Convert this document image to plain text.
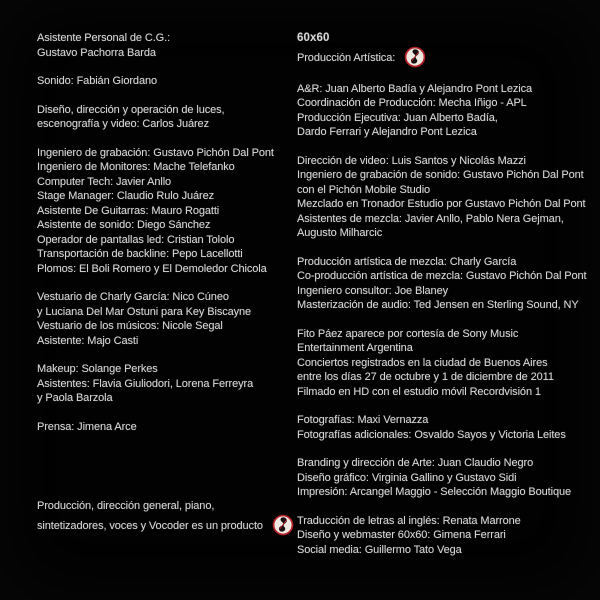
Asistente Personal de C.G.:
Gustavo Pachorra Barda
Sonido: Fabián Giordano
Diseño, dirección y operación de luces,
escenografía y video: Carlos Juárez
Ingeniero de grabación: Gustavo Pichón Dal Pont
Ingeniero de Monitores: Mache Telefanko
Computer Tech: Javier Anllo
Stage Manager: Claudio Rulo Juárez
Asistente De Guitarras: Mauro Rogatti
Asistente de sonido: Diego Sánchez
Operador de pantallas led: Cristian Tololo
Transportación de backline: Pepo Lacellotti
Plomos: El Boli Romero y El Demoledor Chicola
Vestuario de Charly García: Nico Cúneo
y Luciana Del Mar Ostuni para Key Biscayne
Vestuario de los músicos: Nicole Segal
Asistente: Majo Casti
Makeup: Solange Perkes
Asistentes: Flavia Giuliodori, Lorena Ferreyra
y Paola Barzola
Prensa: Jimena Arce
Producción, dirección general, piano,
sintetizadores, voces y Vocoder es un producto
60x60
Producción Artística:
A&R: Juan Alberto Badía y Alejandro Pont Lezica
Coordinación de Producción: Mecha Iñigo - APL
Producción Ejecutiva: Juan Alberto Badía,
Dardo Ferrari y Alejandro Pont Lezica
Dirección de video: Luis Santos y Nicolás Mazzi
Ingeniero de grabación de sonido: Gustavo Pichón Dal Pont
con el Pichón Mobile Studio
Mezclado en Tronador Estudio por Gustavo Pichón Dal Pont
Asistentes de mezcla: Javier Anllo, Pablo Nera Gejman,
Augusto Milharcic
Producción artística de mezcla: Charly García
Co-producción artística de mezcla: Gustavo Pichón Dal Pont
Ingeniero consultor: Joe Blaney
Masterización de audio: Ted Jensen en Sterling Sound, NY
Fito Páez aparece por cortesía de Sony Music
Entertainment Argentina
Conciertos registrados en la ciudad de Buenos Aires
entre los días 27 de octubre y 1 de diciembre de 2011
Filmado en HD con el estudio móvil Recordvisión 1
Fotografías: Maxi Vernazza
Fotografías adicionales: Osvaldo Sayos y Victoria Leites
Branding y dirección de Arte: Juan Claudio Negro
Diseño gráfico: Virginia Gallino y Gustavo Sidi
Impresión: Arcangel Maggio - Selección Maggio Boutique
Traducción de letras al inglés: Renata Marrone
Diseño y webmaster 60x60: Gimena Ferrari
Social media: Guillermo Tato Vega
